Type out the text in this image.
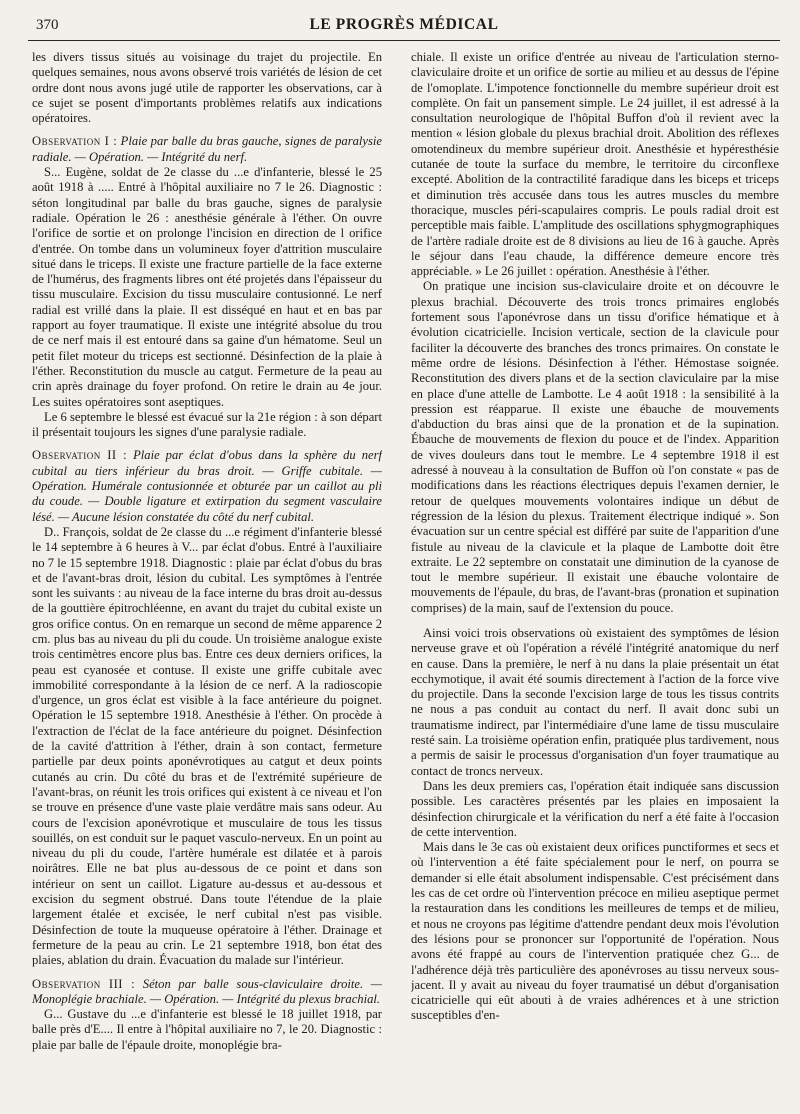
370	LE PROGRÈS MÉDICAL

les divers tissus situés au voisinage du trajet du projectile. En quelques semaines, nous avons observé trois variétés de lésion de cet ordre dont nous avons jugé utile de rapporter les observations, car à ce sujet se posent d'importants problèmes relatifs aux indications opératoires.

Observation I : Plaie par balle du bras gauche, signes de paralysie radiale. — Opération. — Intégrité du nerf.

S... Eugène, soldat de 2e classe du ...e d'infanterie, blessé le 25 août 1918 à ..... Entré à l'hôpital auxiliaire no 7 le 26. Diagnostic : séton longitudinal par balle du bras gauche, signes de paralysie radiale. Opération le 26 : anesthésie générale à l'éther. On ouvre l'orifice de sortie et on prolonge l'incision en direction de l orifice d'entrée. On tombe dans un volumineux foyer d'attrition musculaire situé dans le triceps. Il existe une fracture partielle de la face externe de l'humérus, des fragments libres ont été projetés dans l'épaisseur du tissu musculaire. Excision du tissu musculaire contusionné. Le nerf radial est vrillé dans la plaie. Il est disséqué en haut et en bas par rapport au foyer traumatique. Il existe une intégrité absolue du trou de ce nerf mais il est entouré dans sa gaine d'un hématome. Seul un petit filet moteur du triceps est sectionné. Désinfection de la plaie à l'éther. Reconstitution du muscle au catgut. Fermeture de la peau au crin après drainage du foyer profond. On retire le drain au 4e jour. Les suites opératoires sont aseptiques.

Le 6 septembre le blessé est évacué sur la 21e région : à son départ il présentait toujours les signes d'une paralysie radiale.

Observation II : Plaie par éclat d'obus dans la sphère du nerf cubital au tiers inférieur du bras droit. — Griffe cubitale. — Opération. Humérale contusionnée et obturée par un caillot au pli du coude. — Double ligature et extirpation du segment vasculaire lésé. — Aucune lésion constatée du côté du nerf cubital.

D.. François, soldat de 2e classe du ...e régiment d'infanterie blessé le 14 septembre à 6 heures à V... par éclat d'obus. Entré à l'auxiliaire no 7 le 15 septembre 1918. Diagnostic : plaie par éclat d'obus du bras et de l'avant-bras droit, lésion du cubital. Les symptômes à l'entrée sont les suivants : au niveau de la face interne du bras droit au-dessus de la gouttière épitrochléenne, en avant du trajet du cubital existe un gros orifice contus. On en remarque un second de même apparence 2 cm. plus bas au niveau du pli du coude. Un troisième analogue existe trois centimètres encore plus bas. Entre ces deux derniers orifices, la peau est cyanosée et contuse. Il existe une griffe cubitale avec immobilité correspondante à la lésion de ce nerf. A la radioscopie d'urgence, un gros éclat est visible à la face antérieure du poignet. Opération le 15 septembre 1918. Anesthésie à l'éther. On procède à l'extraction de l'éclat de la face antérieure du poignet. Désinfection de la cavité d'attrition à l'éther, drain à son contact, fermeture partielle par deux points aponévrotiques au catgut et deux points cutanés au crin. Du côté du bras et de l'extrémité supérieure de l'avant-bras, on réunit les trois orifices qui existent à ce niveau et l'on se trouve en présence d'une vaste plaie verdâtre mais sans odeur. Au cours de l'excision aponévrotique et musculaire de tous les tissus souillés, on est conduit sur le paquet vasculo-nerveux. En un point au niveau du pli du coude, l'artère humérale est dilatée et à parois noirâtres. Elle ne bat plus au-dessous de ce point et dans son intérieur on sent un caillot. Ligature au-dessus et au-dessous et excision du segment obstrué. Dans toute l'étendue de la plaie largement étalée et excisée, le nerf cubital n'est pas visible. Désinfection de toute la muqueuse opératoire à l'éther. Drainage et fermeture de la peau au crin. Le 21 septembre 1918, bon état des plaies, ablation du drain. Évacuation du malade sur l'intérieur.

Observation III : Séton par balle sous-claviculaire droite. — Monoplégie brachiale. — Opération. — Intégrité du plexus brachial.

G... Gustave du ...e d'infanterie est blessé le 18 juillet 1918, par balle près d'E.... Il entre à l'hôpital auxiliaire no 7, le 20. Diagnostic : plaie par balle de l'épaule droite, monoplégie bra-

chiale. Il existe un orifice d'entrée au niveau de l'articulation sterno-claviculaire droite et un orifice de sortie au milieu et au dessus de l'épine de l'omoplate. L'impotence fonctionnelle du membre supérieur droit est complète. On fait un pansement simple. Le 24 juillet, il est adressé à la consultation neurologique de l'hôpital Buffon d'où il revient avec la mention « lésion globale du plexus brachial droit. Abolition des réflexes omotendineux du membre supérieur droit. Anesthésie et hypéresthésie cutanée de toute la surface du membre, le territoire du circonflexe excepté. Abolition de la contractilité faradique dans les biceps et triceps et diminution très accusée dans tous les autres muscles du membre thoracique, muscles péri-scapulaires compris. Le pouls radial droit est perceptible mais faible. L'amplitude des oscillations sphygmographiques de l'artère radiale droite est de 8 divisions au lieu de 16 à gauche. Après le séjour dans l'eau chaude, la différence demeure encore très appréciable. » Le 26 juillet : opération. Anesthésie à l'éther.

On pratique une incision sus-claviculaire droite et on découvre le plexus brachial. Découverte des trois troncs primaires englobés fortement sous l'aponévrose dans un tissu d'orifice hématique et à évolution cicatricielle. Incision verticale, section de la clavicule pour faciliter la découverte des branches des troncs primaires. On constate le même ordre de lésions. Désinfection à l'éther. Hémostase soignée. Reconstitution des divers plans et de la section claviculaire par la mise en place d'une attelle de Lambotte. Le 4 août 1918 : la sensibilité à la pression est réapparue. Il existe une ébauche de mouvements d'abduction du bras ainsi que de la pronation et de la supination. Ébauche de mouvements de flexion du pouce et de l'index. Apparition de vives douleurs dans tout le membre. Le 4 septembre 1918 il est adressé à nouveau à la consultation de Buffon où l'on constate « pas de modifications dans les réactions électriques depuis l'examen dernier, le retour de quelques mouvements volontaires indique un début de régression de la lésion du plexus. Traitement électrique indiqué ». Son évacuation sur un centre spécial est différé par suite de l'apparition d'une fistule au niveau de la clavicule et la plaque de Lambotte doit être extraite. Le 22 septembre on constatait une diminution de la cyanose de tout le membre supérieur. Il existait une ébauche volontaire de mouvements de l'épaule, du bras, de l'avant-bras (pronation et supination comprises) de la main, sauf de l'extension du pouce.

Ainsi voici trois observations où existaient des symptômes de lésion nerveuse grave et où l'opération a révélé l'intégrité anatomique du nerf en cause. Dans la première, le nerf à nu dans la plaie présentait un état ecchymotique, il avait été soumis directement à l'action de la force vive du projectile. Dans la seconde l'excision large de tous les tissus contrits ne nous a pas conduit au contact du nerf. Il avait donc subi un traumatisme indirect, par l'intermédiaire d'une lame de tissu musculaire resté sain. La troisième opération enfin, pratiquée plus tardivement, nous a permis de saisir le processus d'organisation d'un foyer traumatique au contact de troncs nerveux.

Dans les deux premiers cas, l'opération était indiquée sans discussion possible. Les caractères présentés par les plaies en imposaient la désinfection chirurgicale et la vérification du nerf a été faite à l'occasion de cette intervention.

Mais dans le 3e cas où existaient deux orifices punctiformes et secs et où l'intervention a été faite spécialement pour le nerf, on pourra se demander si elle était absolument indispensable. C'est précisément dans les cas de cet ordre où l'intervention précoce en milieu aseptique permet la restauration dans les conditions les meilleures de temps et de milieu, et nous ne croyons pas légitime d'attendre pendant deux mois l'évolution des lésions pour se prononcer sur l'opportunité de l'opération. Nous avons été frappé au cours de l'intervention pratiquée chez G... de l'adhérence déjà très particulière des aponévroses au tissu nerveux sous-jacent. Il y avait au niveau du foyer traumatisé un début d'organisation cicatricielle qui eût abouti à de vraies adhérences et à une striction susceptibles d'en-
